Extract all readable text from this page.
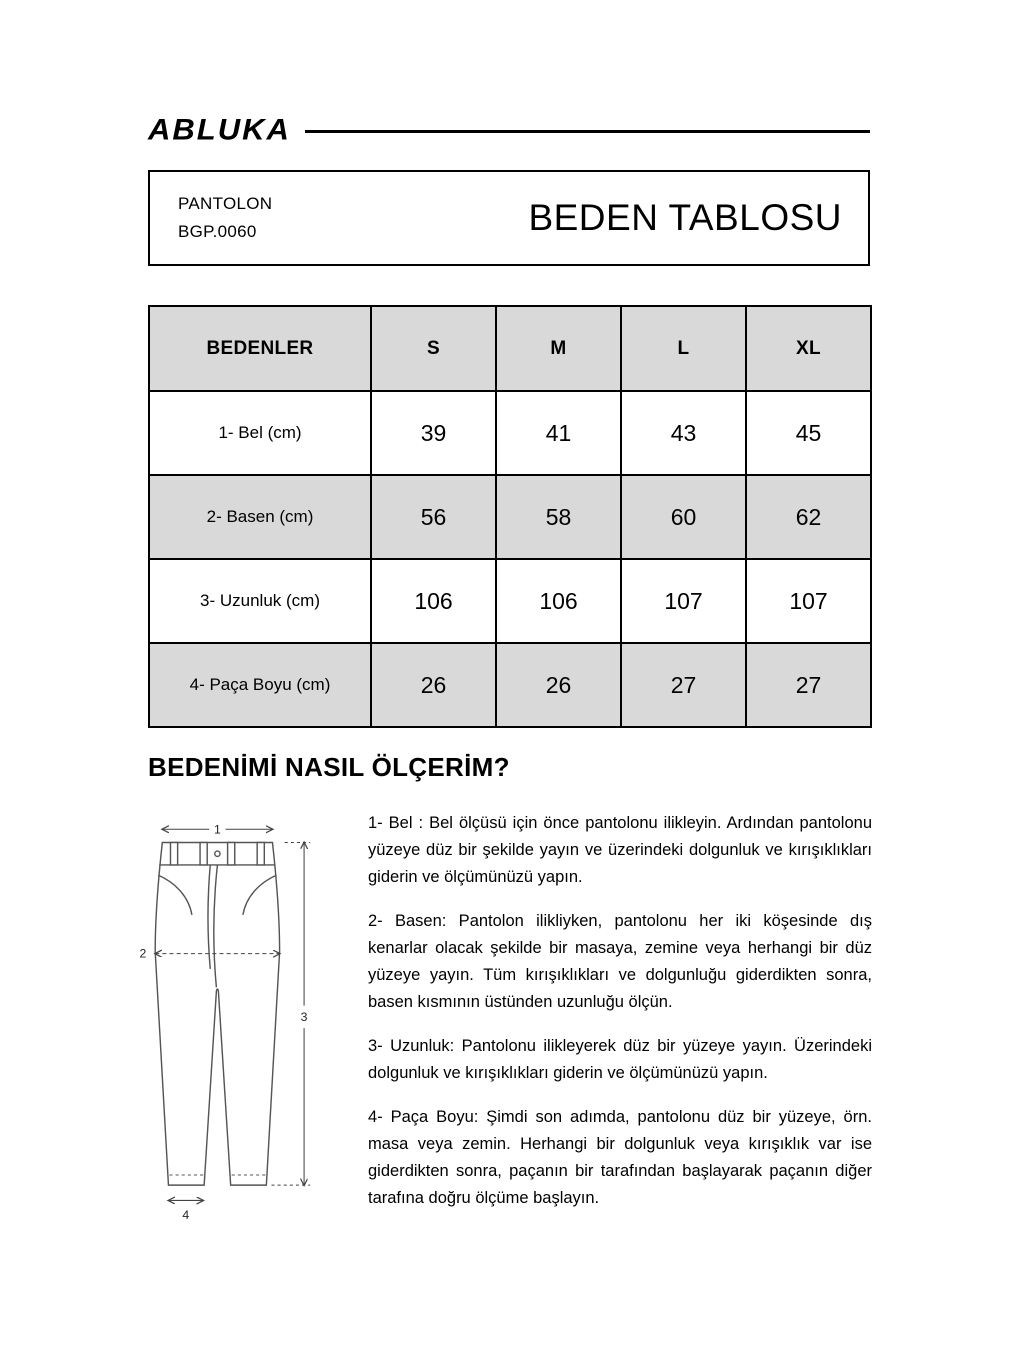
ABLUKA
PANTOLON
BGP.0060	BEDEN TABLOSU
BEDENLER	S	M	L	XL
1- Bel (cm)	39	41	43	45
2- Basen (cm)	56	58	60	62
3- Uzunluk (cm)	106	106	107	107
4- Paça Boyu (cm)	26	26	27	27
BEDENİMİ NASIL ÖLÇERİM?
1
2
3
4

1- Bel : Bel ölçüsü için önce pantolonu ilikleyin. Ardından pantolonu yüzeye düz bir şekilde yayın ve üzerindeki dolgunluk ve kırışıklıkları giderin ve ölçümünüzü yapın.

2- Basen: Pantolon ilikliyken, pantolonu her iki köşesinde dış kenarlar olacak şekilde bir masaya, zemine veya herhangi bir düz yüzeye yayın. Tüm kırışıklıkları ve dolgunluğu giderdikten sonra, basen kısmının üstünden uzunluğu ölçün.

3- Uzunluk: Pantolonu ilikleyerek düz bir yüzeye yayın. Üzerindeki dolgunluk ve kırışıklıkları giderin ve ölçümünüzü yapın.

4- Paça Boyu: Şimdi son adımda, pantolonu düz bir yüzeye, örn. masa veya zemin. Herhangi bir dolgunluk veya kırışıklık var ise giderdikten sonra, paçanın bir tarafından başlayarak paçanın diğer tarafına doğru ölçüme başlayın.
